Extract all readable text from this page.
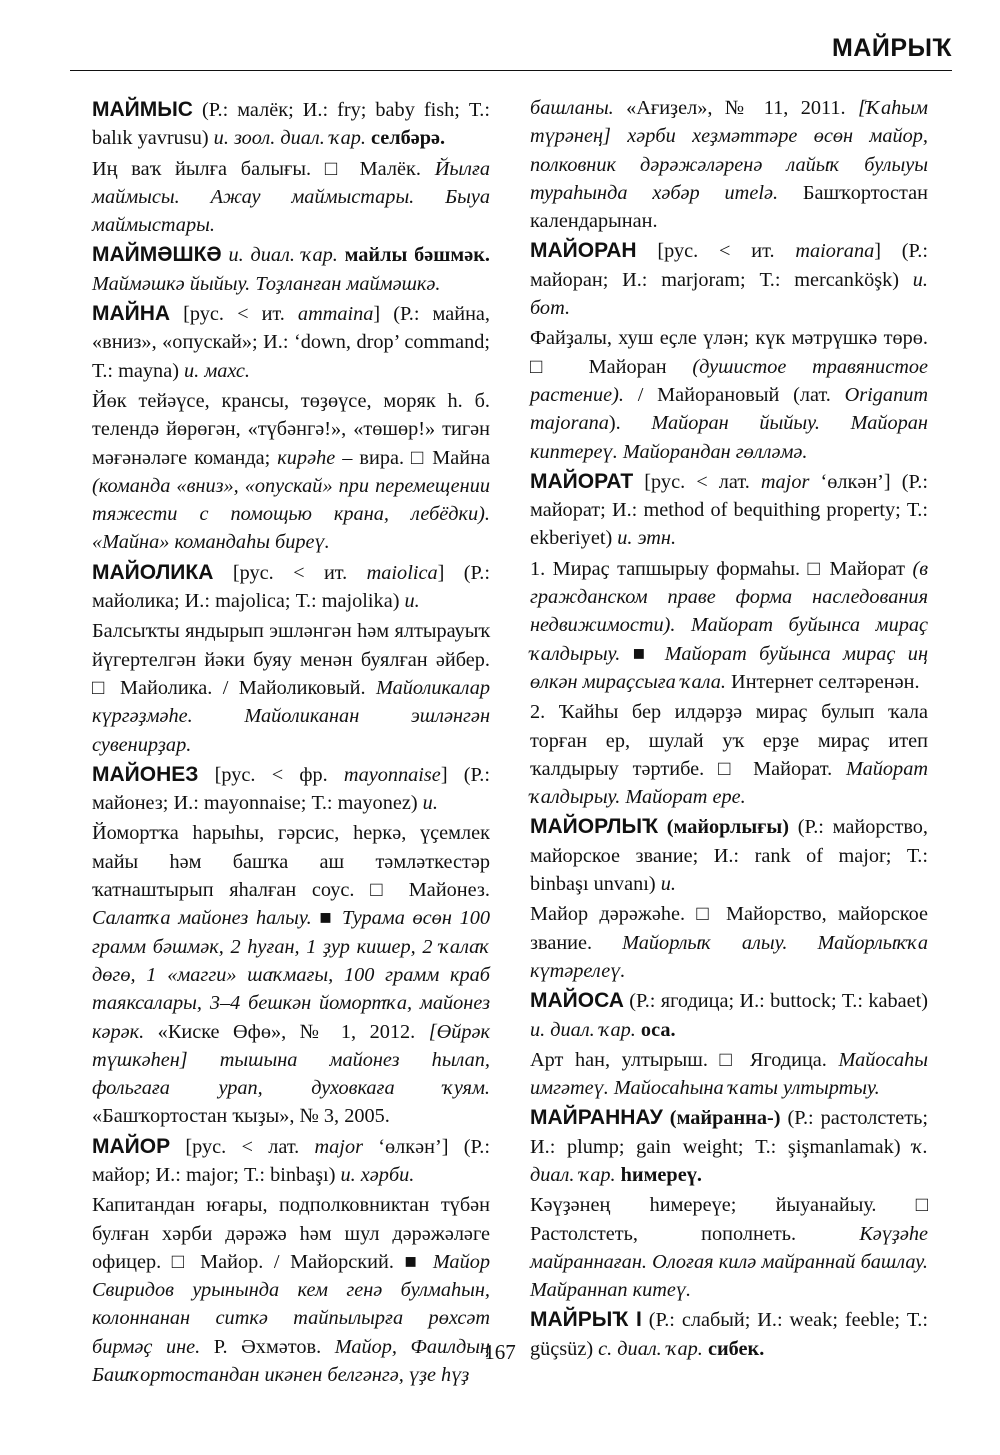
МАЙРЫҠ

МАЙМЫС (Р.: малёк; И.: fry; baby fish; Т.: balık yavrusu) и. зоол. диал. ҡар. селбәрә.

Иң ваҡ йылға балығы. □ Малёк. Йылға маймысы. Ажау маймыстары. Быуа маймыстары.

МАЙМӘШКӘ и. диал. ҡар. майлы бәшмәк. Маймәшкә йыйыу. Тоҙланған маймәшкә.

МАЙНА [рус. < ит. ammaina] (Р.: майна, «вниз», «опускай»; И.: ‘down, drop’ command; Т.: mayna) и. махс.

Йөк тейәүсе, крансы, төҙөүсе, моряк һ. б. телендә йөрөгән, «түбәнгә!», «төшөр!» тигән мәғәнәләге команда; кирәһе – вира. □ Майна (команда «вниз», «опускай» при перемещении тяжести с помощью крана, лебёдки). «Майна» командаһы биреү.

МАЙОЛИКА [рус. < ит. maiolica] (Р.: майолика; И.: majolica; Т.: majolika) и.

Балсыҡты яндырып эшләнгән һәм ялтырауыҡ йүгертелгән йәки буяу менән буялған әйбер. □ Майолика. / Майоликовый. Майоликалар күргәҙмәһе. Майоликанан эшләнгән сувенирҙар.

МАЙОНЕЗ [рус. < фр. mayonnaise] (Р.: майонез; И.: mayonnaise; Т.: mayonez) и.

Йомортҡа һарыһы, гәрсис, һеркә, үҫемлек майы һәм башҡа аш тәмләткестәр ҡатнаштырып яһалған соус. □ Майонез. Салатҡа майонез һалыу. ■ Турама өсөн 100 грамм бәшмәк, 2 һуған, 1 ҙур кишер, 2 ҡалаҡ дөгө, 1 «магги» шаҡмағы, 100 грамм краб таяксалары, 3–4 бешкән йомортҡа, майонез кәрәк. «Киске Өфө», № 1, 2012. [Өйрәк түшкәһен] тышына майонез һылап, фольгаға урап, духовкаға ҡуям. «Башҡортостан ҡыҙы», № 3, 2005.

МАЙОР [рус. < лат. major ‘өлкән’] (Р.: майор; И.: major; Т.: binbaşı) и. хәрби.

Капитандан юғары, подполковниктан түбән булған хәрби дәрәжә һәм шул дәрәжәләге офицер. □ Майор. / Майорский. ■ Майор Свиридов урынында кем генә булмаһын, колоннанан ситкә тайпылырға рөхсәт бирмәҫ ине. Р. Әхмәтов. Майор, Фаилдың Башҡортостандан икәнен белгәнгә, үҙе һүҙ

башланы. «Ағиҙел», № 11, 2011. [Ҡаһым түрәнең] хәрби хеҙмәттәре өсөн майор, полковник дәрәжәләренә лайыҡ булыуы тураһында хәбәр итеlә. Башҡортостан календарынан.

МАЙОРАН [рус. < ит. maiorana] (Р.: майоран; И.: marjoram; Т.: mercanköşk) и. бот.

Файҙалы, хуш еҫле үлән; күк мәтрүшкә төрө. □ Майоран (душистое травянистое растение). / Майорановый (лат. Origanum majorana). Майоран йыйыу. Майоран киптереү. Майорандан гөлләмә.

МАЙОРАТ [рус. < лат. major ‘өлкән’] (Р.: майорат; И.: method of bequithing property; Т.: ekberiyet) и. этн.

1. Мираҫ тапшырыу формаһы. □ Майорат (в гражданском праве форма наследования недвижимости). Майорат буйынса мираҫ ҡалдырыу. ■ Майорат буйынса мираҫ иң өлкән мираҫсыға ҡала. Интернет селтәренән.

2. Ҡайһы бер илдәрҙә мираҫ булып ҡала торған ер, шулай уҡ ерҙе мираҫ итеп ҡалдырыу тәртибе. □ Майорат. Майорат ҡалдырыу. Майорат ере.

МАЙОРЛЫҠ (майорлығы) (Р.: майорство, майорское звание; И.: rank of major; Т.: binbaşı unvanı) и.

Майор дәрәжәһе. □ Майорство, майорское звание. Майорлыҡ алыу. Майорлыҡҡа күтәрелеү.

МАЙОСА (Р.: ягодица; И.: buttock; Т.: kabaet) и. диал. ҡар. оса.

Арт һан, ултырыш. □ Ягодица. Майосаһы имгәтеү. Майосаһына ҡаты ултыртыу.

МАЙРАННАУ (майранна-) (Р.: растолстеть; И.: plump; gain weight; Т.: şişmanlamak) ҡ. диал. ҡар. һимереү.

Кәүҙәнең һимереүе; йыуанайыу. □ Растолстеть, пополнеть. Кәүҙәһе майраннаған. Олоғая килә майраннай башлау. Майраннап китеү.

МАЙРЫҠ I (Р.: слабый; И.: weak; feeble; Т.: güçsüz) с. диал. ҡар. сибек.

167
